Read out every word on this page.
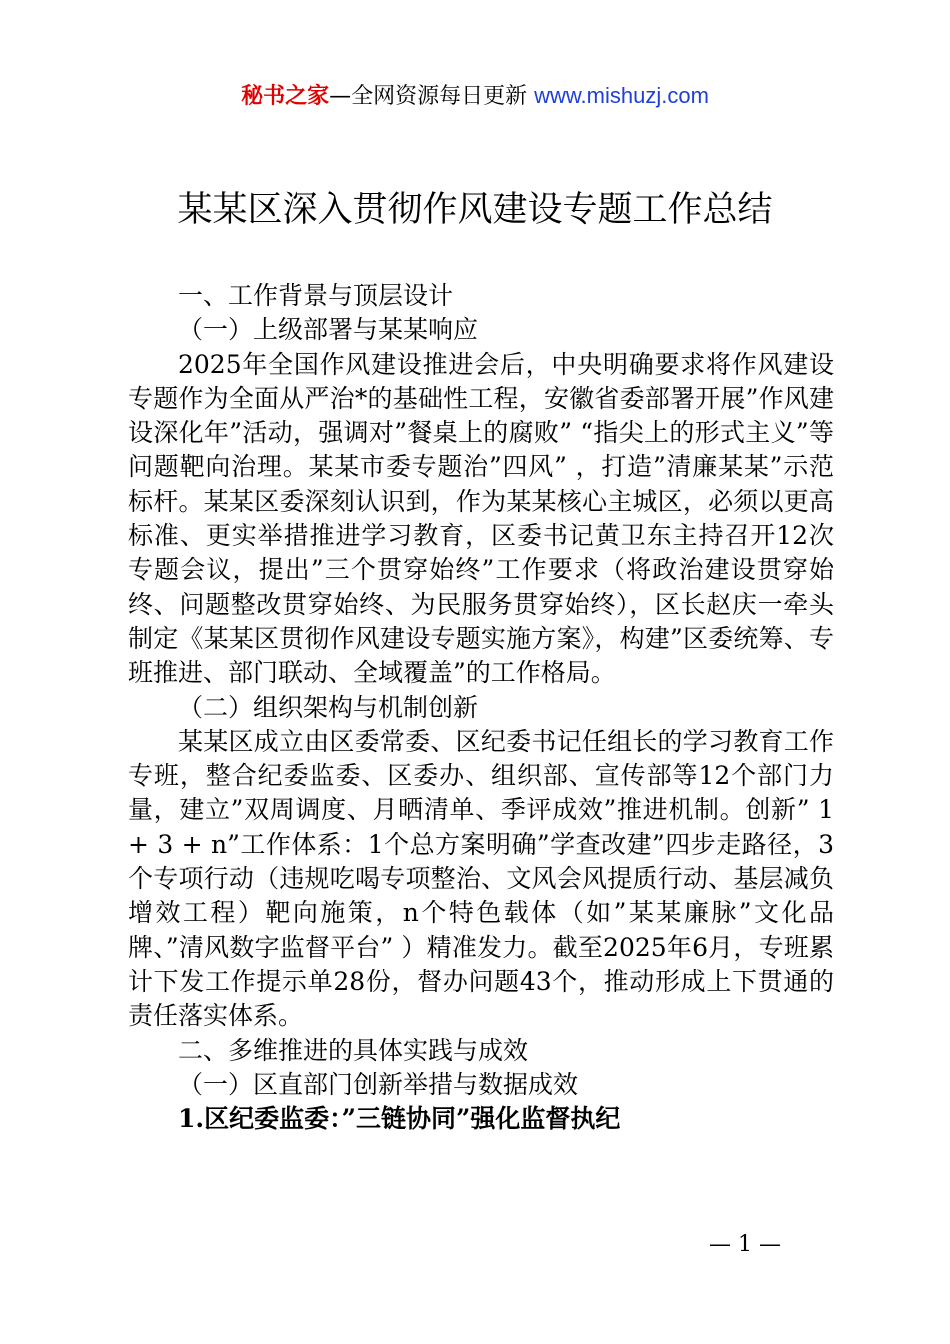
秘书之家—全网资源每日更新 www.mishuzj.com
某某区深入贯彻作风建设专题工作总结

一、工作背景与顶层设计

（一）上级部署与某某响应

2025年全国作风建设推进会后，中央明确要求将作风建设专题作为全面从严治*的基础性工程，安徽省委部署开展”作风建设深化年”活动，强调对”餐桌上的腐败” “指尖上的形式主义”等问题靶向治理。某某市委专题治”四风” ，打造”清廉某某”示范标杆。某某区委深刻认识到，作为某某核心主城区，必须以更高标准、更实举措推进学习教育，区委书记黄卫东主持召开12次专题会议，提出”三个贯穿始终”工作要求（将政治建设贯穿始终、问题整改贯穿始终、为民服务贯穿始终），区长赵庆一牵头制定《某某区贯彻作风建设专题实施方案》，构建”区委统筹、专班推进、部门联动、全域覆盖”的工作格局。

（二）组织架构与机制创新

某某区成立由区委常委、区纪委书记任组长的学习教育工作专班，整合纪委监委、区委办、组织部、宣传部等12个部门力量，建立”双周调度、月晒清单、季评成效”推进机制。创新” 1 + 3 + n”工作体系：1个总方案明确”学查改建”四步走路径，3个专项行动（违规吃喝专项整治、文风会风提质行动、基层减负增效工程）靶向施策，n个特色载体（如”某某廉脉”文化品牌、”清风数字监督平台” ）精准发力。截至2025年6月，专班累计下发工作提示单28份，督办问题43个，推动形成上下贯通的责任落实体系。

二、多维推进的具体实践与成效

（一）区直部门创新举措与数据成效

1.区纪委监委：”三链协同”强化监督执纪

— 1 —
